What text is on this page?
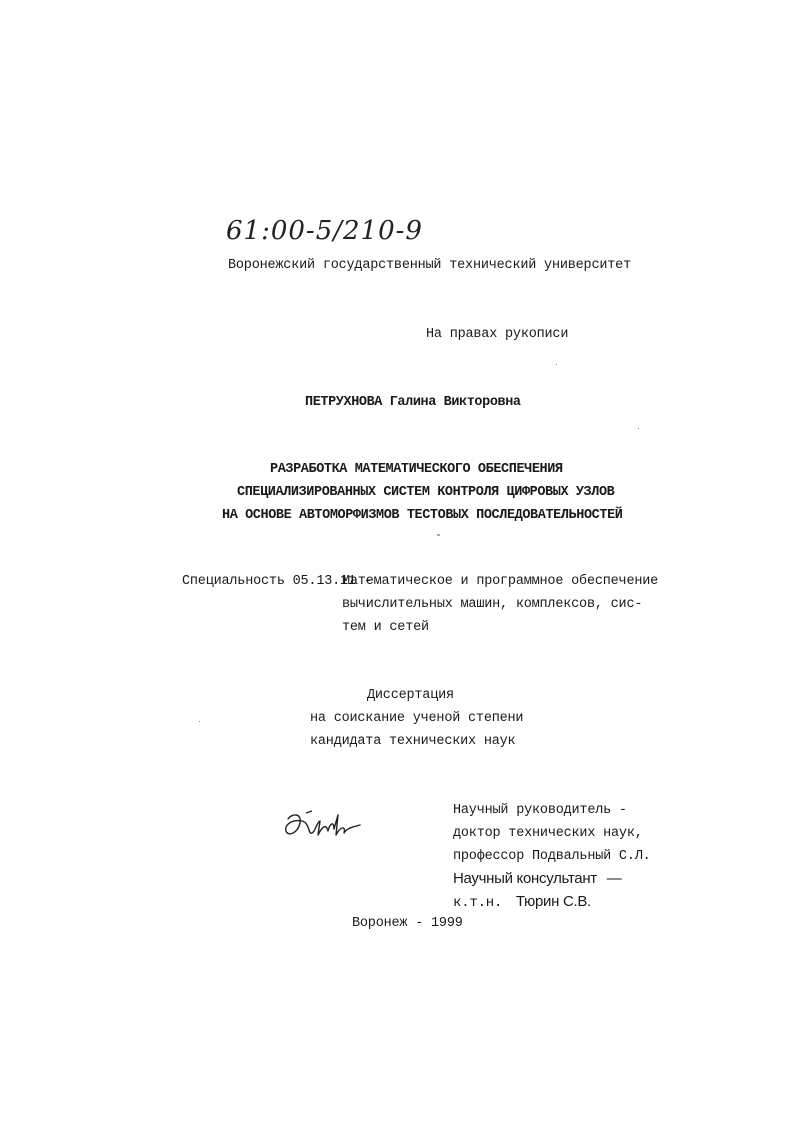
61:00-5/210-9
Воронежский государственный технический университет
На правах рукописи
ПЕТРУХНОВА Галина Викторовна
РАЗРАБОТКА МАТЕМАТИЧЕСКОГО ОБЕСПЕЧЕНИЯ
СПЕЦИАЛИЗИРОВАННЫХ СИСТЕМ КОНТРОЛЯ ЦИФРОВЫХ УЗЛОВ
НА ОСНОВЕ АВТОМОРФИЗМОВ ТЕСТОВЫХ ПОСЛЕДОВАТЕЛЬНОСТЕЙ
Специальность 05.13.11 -
Математическое и программное обеспечение
вычислительных машин, комплексов, сис-
тем и сетей
Диссертация
на соискание ученой степени
кандидата технических наук
Научный руководитель -
доктор технических наук,
профессор Подвальный С.Л.
Научный консультант —
к.т.н. Тюрин С.В.
Воронеж - 1999
